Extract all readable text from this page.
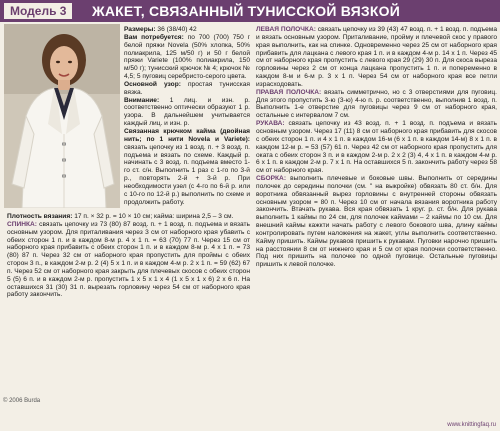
Модель 3	ЖАКЕТ, СВЯЗАННЫЙ ТУНИССКОЙ ВЯЗКОЙ

Размеры: 36 (38/40) 42

Вам потребуется: по 700 (700) 750 г белой пряжи Novela (50% хлопка, 50% полиакрила, 125 м/50 г) и 50 г белой пряжи Variete (100% полиакрила, 150 м/50 г); тунисский крючок № 4; крючок № 4,5; 5 пуговиц серебристо-серого цвета.

Основной узор: простая тунисская вязка.

Внимание: 1 лиц. и изн. р. соответственно оптически образуют 1 р. узора. В дальнейшем учитывается каждый лиц. и изн. р.

Связанная крючком кайма (двойная нить; по 1 нити Novela и Variete): связать цепочку из 1 возд. п. + 3 возд. п. подъема и вязать по схеме. Каждый р. начинать с 3 возд. п. подъема вместо 1-го ст. с/н. Выполнить 1 раз с 1-го по 3-й р., повторять 2-й + 3-й р. При необходимости узел (с 4-го по 6-й р. или с 10-го по 12-й р.) выполнить по схеме и продолжить работу.

Плотность вязания: 17 п. × 32 р. = 10 × 10 см; кайма: ширина 2,5 – 3 см.

СПИНКА: связать цепочку из 73 (80) 87 возд. п. + 1 возд. п. подъема и вязать основным узором. Для приталивания через 3 см от наборного края убавить с обеих сторон 1 п. и в каждом 8-м р. 4 х 1 п. = 63 (70) 77 п. Через 15 см от наборного края прибавить с обеих сторон 1 п. и в каждом 8-м р. 4 х 1 п. = 73 (80) 87 п. Через 32 см от наборного края пропустить для проймы с обеих сторон 3 п., в каждом 2-м р. 2 (4) 5 х 1 п. и в каждом 4-м р. 2 х 1 п. = 59 (62) 67 п. Через 52 см от наборного края закрыть для плечевых скосов с обеих сторон 5 (5) 6 п. и в каждом 2-м р. пропустить 1 х 5 х 1 х 4 (1 х 5 х 1 х 6) 2 х 6 п. На оставшихся 31 (30) 31 п. вырезать горловину через 54 см от наборного края работу закончить.

ЛЕВАЯ ПОЛОЧКА: связать цепочку из 39 (43) 47 возд. п. + 1 возд. п. подъема и вязать основным узором. Приталивание, пройму и плечевой скос у правого края выполнить, как на спинке. Одновременно через 25 см от наборного края прибавить для лацкана с левого края 1 п. и в каждом 4-м р. 14 х 1 п. Через 45 см от наборного края пропустить с левого края 29 (29) 30 п. Для скоса выреза горловины через 2 см от конца лацкана пропустить 1 п. и попеременно в каждом 8-м и 6-м р. 3 х 1 п. Через 54 см от наборного края все петли израсходовать.

ПРАВАЯ ПОЛОЧКА: вязать симметрично, но с 3 отверстиями для пуговиц. Для этого пропустить 3-ю (3-ю) 4-ю п. р. соответственно, выполнив 1 возд. п. Выполнить 1-е отверстие для пуговицы через 9 см от наборного края, остальные с интервалом 7 см.

РУКАВА: связать цепочку из 43 возд. п. + 1 возд. п. подъема и вязать основным узором. Через 17 (11) 8 см от наборного края прибавить для скосов с обеих сторон 1 п. и 4 х 1 п. в каждом 16-м (6 х 1 п. в каждом 14-м) 8 х 1 п. в каждом 12-м р. = 53 (57) 61 п. Через 42 см от наборного края пропустить для оката с обеих сторон 3 п. и в каждом 2-м р. 2 х 2 (3) 4, 4 х 1 п. в каждом 4-м р. 6 х 1 п. в каждом 2-м р. 7 х 1 п. На оставшихся 5 п. закончить работу через 58 см от наборного края.

СБОРКА: выполнить плечевые и боковые швы. Выполнить от середины полочек до середины полочки (см. " на выкройке) обвязать 80 ст. б/н. Для воротника обвязанный вырез горловины с внутренней стороны обвязать основным узором = 80 п. Через 10 см от начала вязания воротника работу закончить. Втачать рукава. Вся края обвязать 1 круг. р. ст. б/н. Для рукава выполнить 1 каймы по 24 см, для полочек каймами – 2 каймы по 10 см. Для внешний каймы кажкти начать работу с левого бокового шва, длину каймы контролировать путем наложения на жакет, углы выполнить соответственно. Кайму пришить. Каймы рукавов пришить к рукавам. Пуговки нарочно пришить на расстоянии 8 см от нижнего края и 5 см от края полочки соответственно. Под них пришить на полочке по одной пуговице. Остальные пуговицы пришить к левой полочке.

© 2006 Burda
www.knittingfaq.ru
